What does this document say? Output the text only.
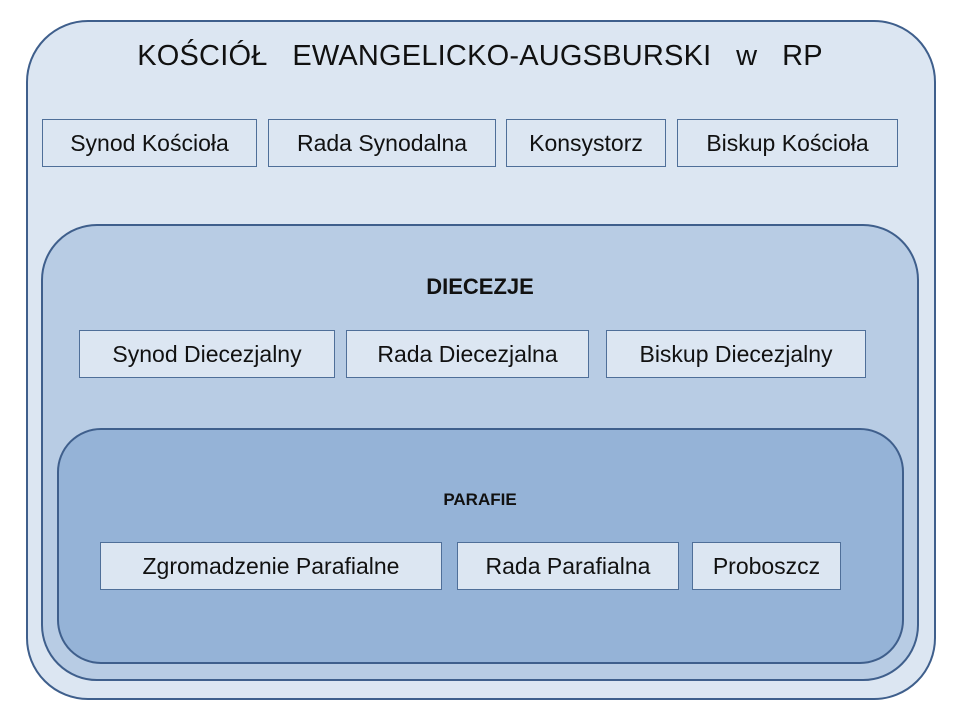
KOŚCIÓŁ   EWANGELICKO-AUGSBURSKI   w   RP
Synod Kościoła	Rada Synodalna	Konsystorz	Biskup Kościoła
DIECEZJE
Synod Diecezjalny	Rada Diecezjalna	Biskup Diecezjalny
PARAFIE
Zgromadzenie Parafialne	Rada Parafialna	Proboszcz
